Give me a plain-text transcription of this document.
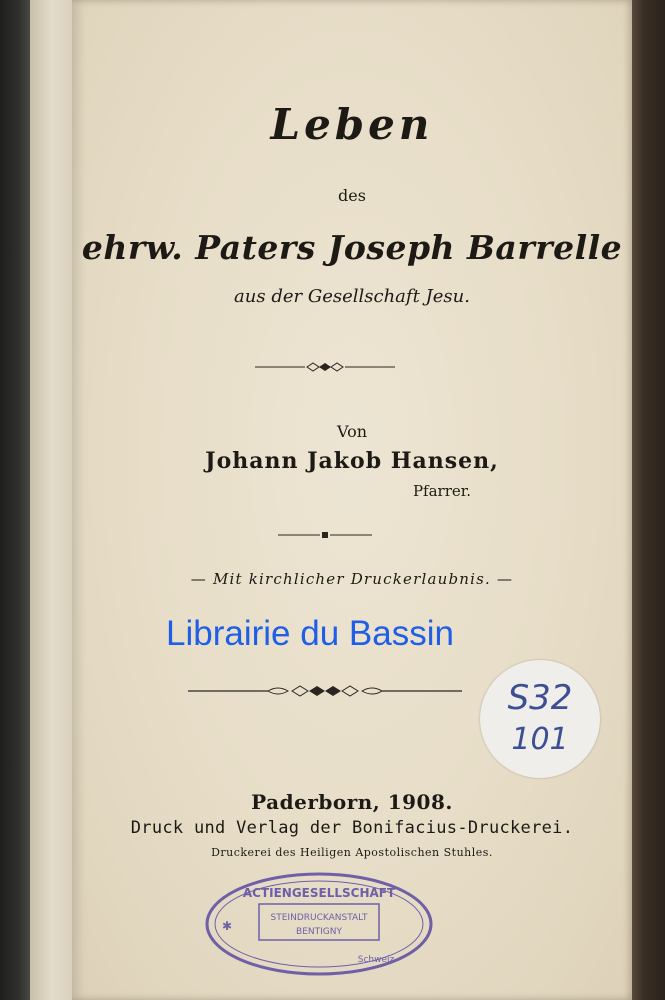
Leben
des
ehrw. Paters Joseph Barrelle
aus der Gesellschaft Jesu.
Von
Johann Jakob Hansen,
Pfarrer.
— Mit kirchlicher Druckerlaubnis. —
Paderborn, 1908.
Druck und Verlag der Bonifacius-Druckerei.
Druckerei des Heiligen Apostolischen Stuhles.
Librairie du Bassin
S32
101
ACTIENGESELLSCHAFT
STEINDRUCKANSTALT
BENTIGNY
Schweiz
✱
